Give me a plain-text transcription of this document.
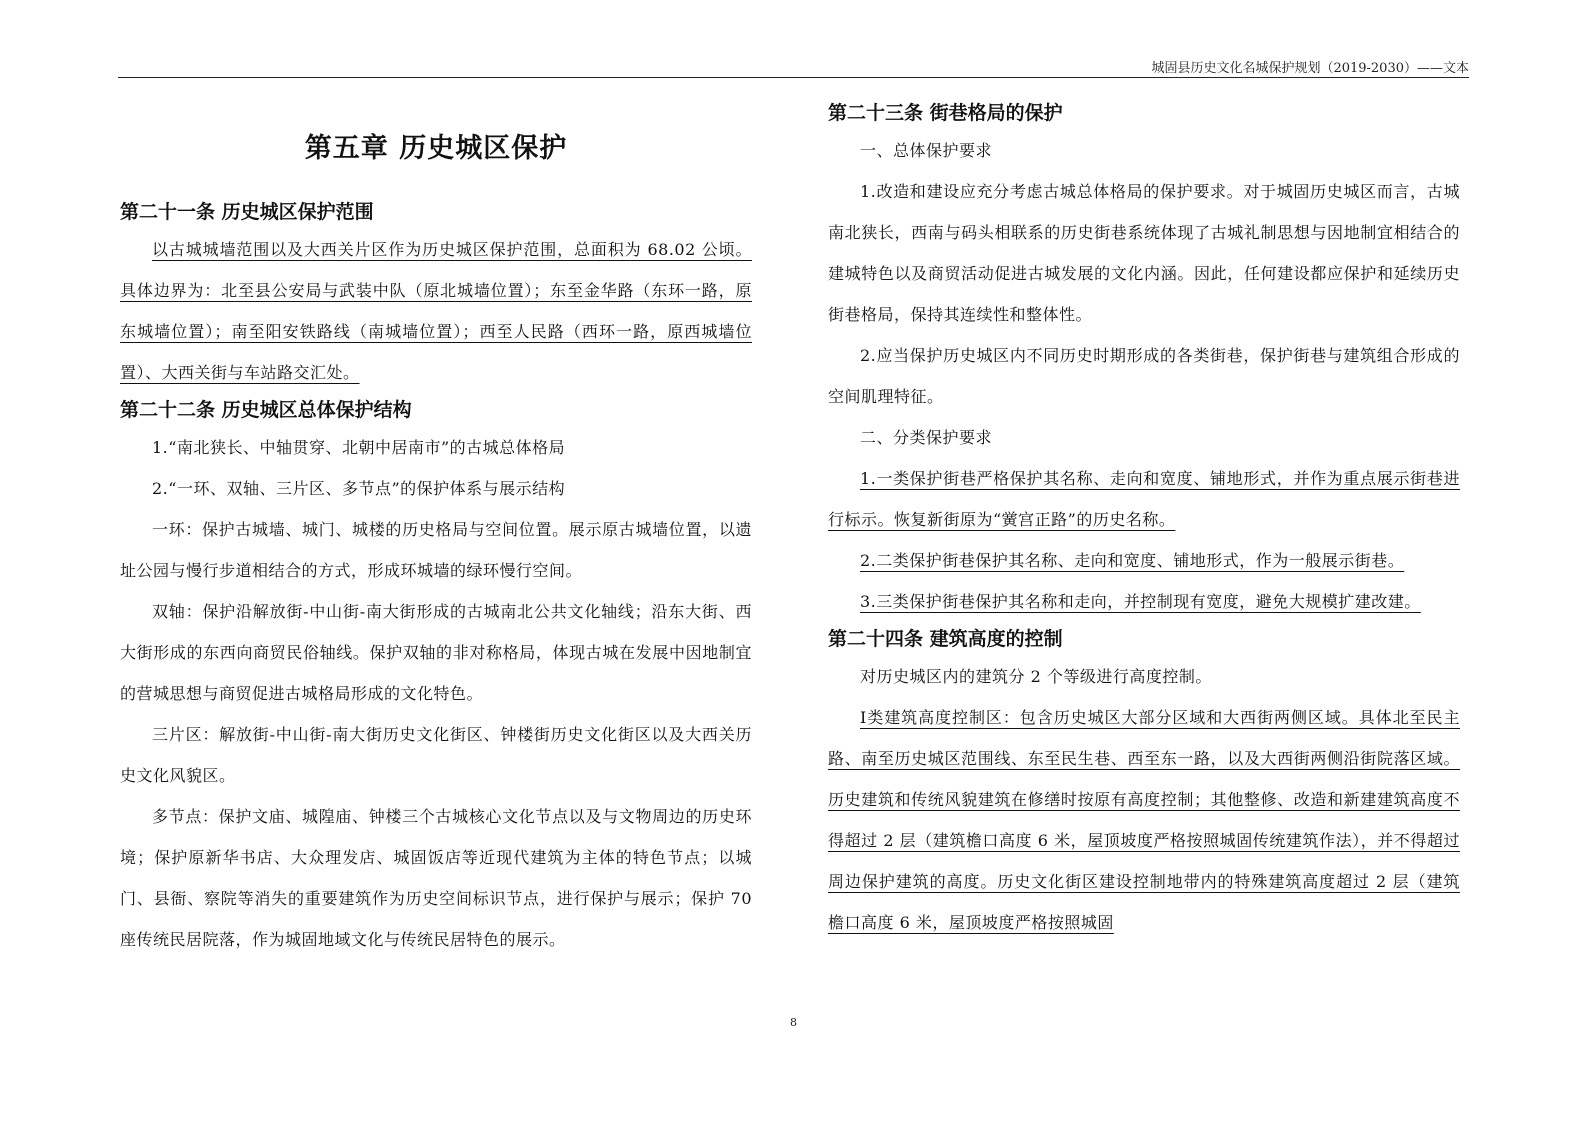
城固县历史文化名城保护规划（2019-2030）——文本
第五章 历史城区保护
第二十一条 历史城区保护范围

以古城城墙范围以及大西关片区作为历史城区保护范围，总面积为 68.02 公顷。具体边界为：北至县公安局与武装中队（原北城墙位置）；东至金华路（东环一路，原东城墙位置）；南至阳安铁路线（南城墙位置）；西至人民路（西环一路，原西城墙位置）、大西关街与车站路交汇处。

第二十二条 历史城区总体保护结构

1.“南北狭长、中轴贯穿、北朝中居南市”的古城总体格局

2.“一环、双轴、三片区、多节点”的保护体系与展示结构

一环：保护古城墙、城门、城楼的历史格局与空间位置。展示原古城墙位置，以遗址公园与慢行步道相结合的方式，形成环城墙的绿环慢行空间。

双轴：保护沿解放街-中山街-南大街形成的古城南北公共文化轴线；沿东大街、西大街形成的东西向商贸民俗轴线。保护双轴的非对称格局，体现古城在发展中因地制宜的营城思想与商贸促进古城格局形成的文化特色。

三片区：解放街-中山街-南大街历史文化街区、钟楼街历史文化街区以及大西关历史文化风貌区。

多节点：保护文庙、城隍庙、钟楼三个古城核心文化节点以及与文物周边的历史环境；保护原新华书店、大众理发店、城固饭店等近现代建筑为主体的特色节点；以城门、县衙、察院等消失的重要建筑作为历史空间标识节点，进行保护与展示；保护 70 座传统民居院落，作为城固地域文化与传统民居特色的展示。

第二十三条 街巷格局的保护

一、总体保护要求

1.改造和建设应充分考虑古城总体格局的保护要求。对于城固历史城区而言，古城南北狭长，西南与码头相联系的历史街巷系统体现了古城礼制思想与因地制宜相结合的建城特色以及商贸活动促进古城发展的文化内涵。因此，任何建设都应保护和延续历史街巷格局，保持其连续性和整体性。

2.应当保护历史城区内不同历史时期形成的各类街巷，保护街巷与建筑组合形成的空间肌理特征。

二、分类保护要求

1.一类保护街巷严格保护其名称、走向和宽度、铺地形式，并作为重点展示街巷进行标示。恢复新街原为“黉宫正路”的历史名称。

2.二类保护街巷保护其名称、走向和宽度、铺地形式，作为一般展示街巷。

3.三类保护街巷保护其名称和走向，并控制现有宽度，避免大规模扩建改建。

第二十四条 建筑高度的控制

对历史城区内的建筑分 2 个等级进行高度控制。

Ⅰ类建筑高度控制区：包含历史城区大部分区域和大西街两侧区域。具体北至民主路、南至历史城区范围线、东至民生巷、西至东一路，以及大西街两侧沿街院落区域。历史建筑和传统风貌建筑在修缮时按原有高度控制；其他整修、改造和新建建筑高度不得超过 2 层（建筑檐口高度 6 米，屋顶坡度严格按照城固传统建筑作法），并不得超过周边保护建筑的高度。历史文化街区建设控制地带内的特殊建筑高度超过 2 层（建筑檐口高度 6 米，屋顶坡度严格按照城固

8
